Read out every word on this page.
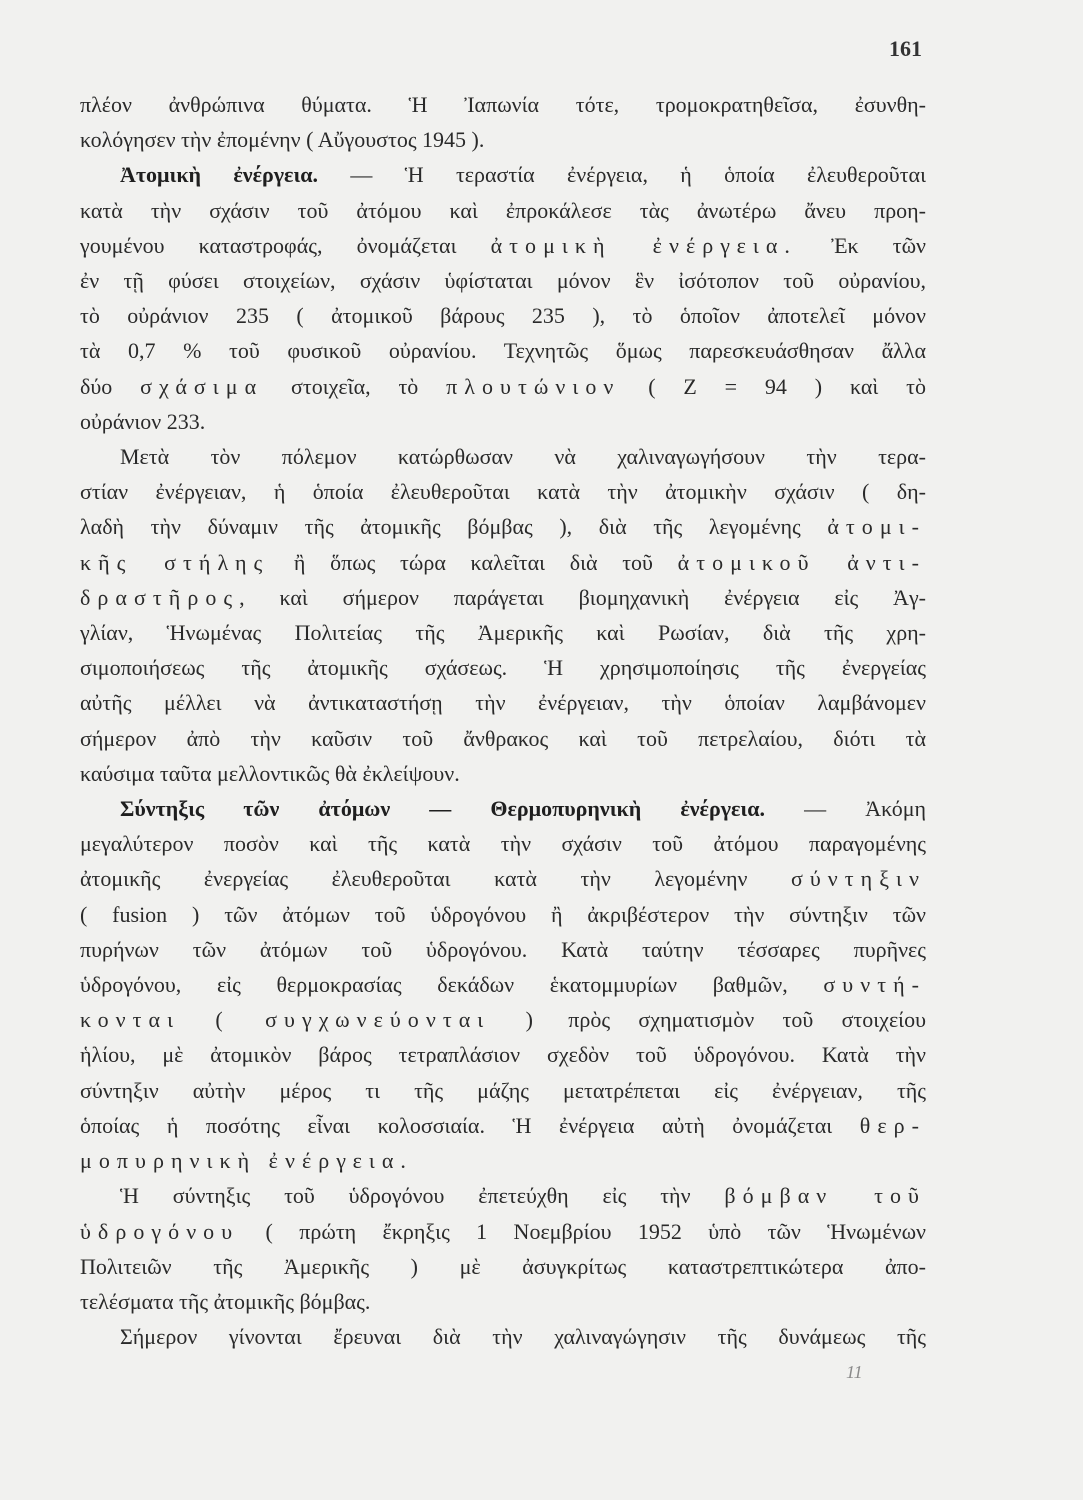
161
πλέον ἀνθρώπινα θύματα. Ἡ Ἰαπωνία τότε, τρομοκρατηθεῖσα, ἐσυνθη-
κολόγησεν τὴν ἐπομένην ( Αὔγουστος 1945 ).
Ἀτομικὴ ἐνέργεια. — Ἡ τεραστία ἐνέργεια, ἡ ὁποία ἐλευθεροῦται
κατὰ τὴν σχάσιν τοῦ ἀτόμου καὶ ἐπροκάλεσε τὰς ἀνωτέρω ἄνευ προη-
γουμένου καταστροφάς, ὀνομάζεται ἀτομικὴ ἐνέργεια. Ἐκ τῶν
ἐν τῇ φύσει στοιχείων, σχάσιν ὑφίσταται μόνον ἓν ἰσότοπον τοῦ οὐρανίου,
τὸ οὐράνιον 235 ( ἀτομικοῦ βάρους 235 ), τὸ ὁποῖον ἀποτελεῖ μόνον
τὰ 0,7 % τοῦ φυσικοῦ οὐρανίου. Τεχνητῶς ὅμως παρεσκευάσθησαν ἄλλα
δύο σχάσιμα στοιχεῖα, τὸ πλουτώνιον ( Z = 94 ) καὶ τὸ
οὐράνιον 233.
Μετὰ τὸν πόλεμον κατώρθωσαν νὰ χαλιναγωγήσουν τὴν τερα-
στίαν ἐνέργειαν, ἡ ὁποία ἐλευθεροῦται κατὰ τὴν ἀτομικὴν σχάσιν ( δη-
λαδὴ τὴν δύναμιν τῆς ἀτομικῆς βόμβας ), διὰ τῆς λεγομένης ἀτομι-
κῆς στήλης ἢ ὅπως τώρα καλεῖται διὰ τοῦ ἀτομικοῦ ἀντι-
δραστῆρος, καὶ σήμερον παράγεται βιομηχανικὴ ἐνέργεια εἰς Ἀγ-
γλίαν, Ἡνωμένας Πολιτείας τῆς Ἀμερικῆς καὶ Ρωσίαν, διὰ τῆς χρη-
σιμοποιήσεως τῆς ἀτομικῆς σχάσεως. Ἡ χρησιμοποίησις τῆς ἐνεργείας
αὐτῆς μέλλει νὰ ἀντικαταστήσῃ τὴν ἐνέργειαν, τὴν ὁποίαν λαμβάνομεν
σήμερον ἀπὸ τὴν καῦσιν τοῦ ἄνθρακος καὶ τοῦ πετρελαίου, διότι τὰ
καύσιμα ταῦτα μελλοντικῶς θὰ ἐκλείψουν.
Σύντηξις τῶν ἀτόμων — Θερμοπυρηνικὴ ἐνέργεια. — Ἀκόμη
μεγαλύτερον ποσὸν καὶ τῆς κατὰ τὴν σχάσιν τοῦ ἀτόμου παραγομένης
ἀτομικῆς ἐνεργείας ἐλευθεροῦται κατὰ τὴν λεγομένην σύντηξιν
( fusion ) τῶν ἀτόμων τοῦ ὑδρογόνου ἢ ἀκριβέστερον τὴν σύντηξιν τῶν
πυρήνων τῶν ἀτόμων τοῦ ὑδρογόνου. Κατὰ ταύτην τέσσαρες πυρῆνες
ὑδρογόνου, εἰς θερμοκρασίας δεκάδων ἑκατομμυρίων βαθμῶν, συντή-
κονται ( συγχωνεύονται ) πρὸς σχηματισμὸν τοῦ στοιχείου
ἡλίου, μὲ ἀτομικὸν βάρος τετραπλάσιον σχεδὸν τοῦ ὑδρογόνου. Κατὰ τὴν
σύντηξιν αὐτὴν μέρος τι τῆς μάζης μετατρέπεται εἰς ἐνέργειαν, τῆς
ὁποίας ἡ ποσότης εἶναι κολοσσιαία. Ἡ ἐνέργεια αὐτὴ ὀνομάζεται θερ-
μοπυρηνικὴ ἐνέργεια.
Ἡ σύντηξις τοῦ ὑδρογόνου ἐπετεύχθη εἰς τὴν βόμβαν τοῦ
ὑδρογόνου ( πρώτη ἔκρηξις 1 Νοεμβρίου 1952 ὑπὸ τῶν Ἡνωμένων
Πολιτειῶν τῆς Ἀμερικῆς ) μὲ ἀσυγκρίτως καταστρεπτικώτερα ἀπο-
τελέσματα τῆς ἀτομικῆς βόμβας.
Σήμερον γίνονται ἔρευναι διὰ τὴν χαλιναγώγησιν τῆς δυνάμεως τῆς
11
